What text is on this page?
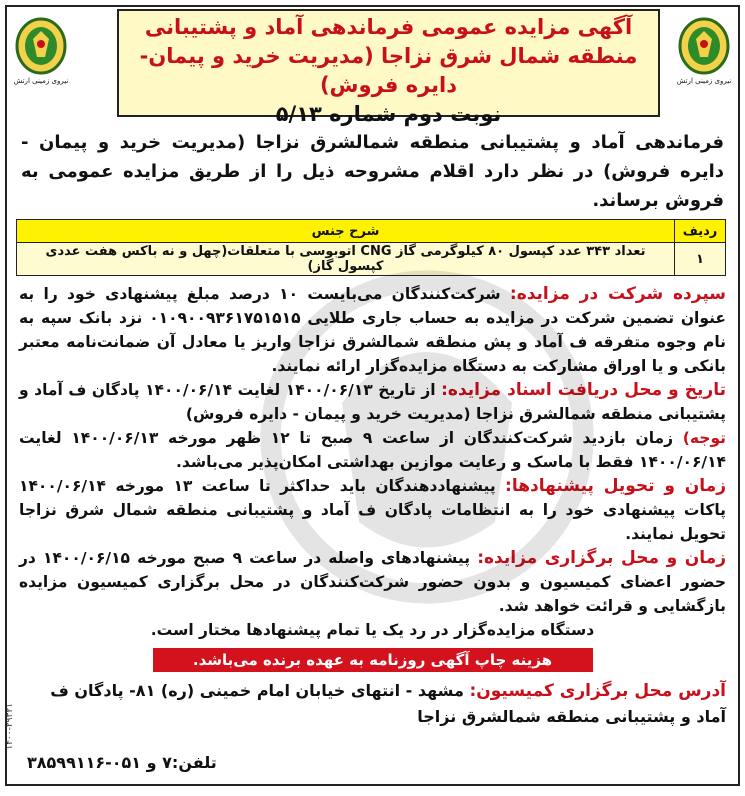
نیروی زمینی ارتش
نیروی زمینی ارتش
آگهی مزایده عمومی فرماندهی آماد و پشتیبانی
منطقه شمال شرق نزاجا (مدیریت خرید و پیمان- دایره فروش)
نوبت دوم شماره ۵/۱۳
فرماندهی آماد و پشتیبانی منطقه شمالشرق نزاجا (مدیریت خرید و پیمان - دایره فروش) در نظر دارد اقلام مشروحه ذیل را از طریق مزایده عمومی به فروش برساند.
ردیف	شرح جنس
۱	تعداد ۳۴۳ عدد کپسول ۸۰ کیلوگرمی گاز CNG اتوبوسی با متعلقات(چهل و نه باکس هفت عددی کپسول گاز)

سپرده شرکت در مزایده: شرکت‌کنندگان می‌بایست ۱۰ درصد مبلغ پیشنهادی خود را به عنوان تضمین شرکت در مزایده به حساب جاری طلایی ۰۱۰۹۰۰۹۳۶۱۷۵۱۵۱۵ نزد بانک سپه به نام وجوه متفرقه ف آماد و پش منطقه شمالشرق نزاجا واریز یا معادل آن ضمانت‌نامه معتبر بانکی و یا اوراق مشارکت به دستگاه مزایده‌گزار ارائه نمایند.

تاریخ و محل دریافت اسناد مزایده: از تاریخ ۱۴۰۰/۰۶/۱۳ لغایت ۱۴۰۰/۰۶/۱۴ پادگان ف آماد و پشتیبانی منطقه شمالشرق نزاجا (مدیریت خرید و پیمان - دایره فروش)

توجه) زمان بازدید شرکت‌کنندگان از ساعت ۹ صبح تا ۱۲ ظهر مورخه ۱۴۰۰/۰۶/۱۳ لغایت ۱۴۰۰/۰۶/۱۴ فقط با ماسک و رعایت موازین بهداشتی امکان‌پذیر می‌باشد.

زمان و تحویل پیشنهادها: پیشنهاددهندگان باید حداکثر تا ساعت ۱۳ مورخه ۱۴۰۰/۰۶/۱۴ پاکات پیشنهادی خود را به انتظامات پادگان ف آماد و پشتیبانی منطقه شمال شرق نزاجا تحویل نمایند.

زمان و محل برگزاری مزایده: پیشنهادهای واصله در ساعت ۹ صبح مورخه ۱۴۰۰/۰۶/۱۵ در حضور اعضای کمیسیون و بدون حضور شرکت‌کنندگان در محل برگزاری کمیسیون مزایده بازگشایی و قرائت خواهد شد.

دستگاه مزایده‌گزار در رد یک یا تمام پیشنهادها مختار است.

هزینه چاپ آگهی روزنامه به عهده برنده می‌باشد.
آدرس محل برگزاری کمیسیون: مشهد - انتهای خیابان امام خمینی (ره) ۸۱- پادگان ف آماد و پشتیبانی منطقه شمالشرق نزاجا
تلفن:۷ و ۰۵۱-۳۸۵۹۹۱۱۶
۱۴۰۰-۲۹۳۲۱
